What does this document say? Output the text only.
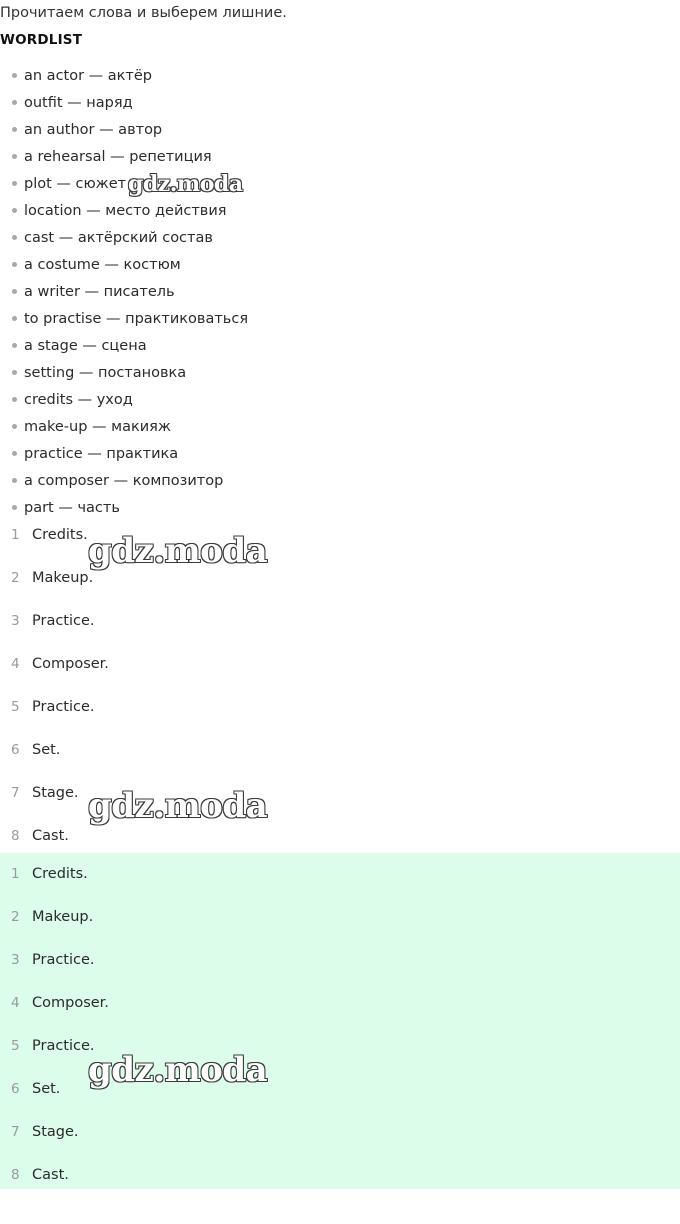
Прочитаем слова и выберем лишние.
WORDLIST
an actor — актёр
outfit — наряд
an author — автор
a rehearsal — репетиция
plot — сюжет
location — место действия
cast — актёрский состав
a costume — костюм
a writer — писатель
to practise — практиковаться
a stage — сцена
setting — постановка
credits — уход
make-up — макияж
practice — практика
a composer — композитор
part — часть
1 Credits.
2 Makeup.
3 Practice.
4 Composer.
5 Practice.
6 Set.
7 Stage.
8 Cast.
1 Credits.
2 Makeup.
3 Practice.
4 Composer.
5 Practice.
6 Set.
7 Stage.
8 Cast.
gdz.moda
gdz.moda
gdz.moda
gdz.moda
